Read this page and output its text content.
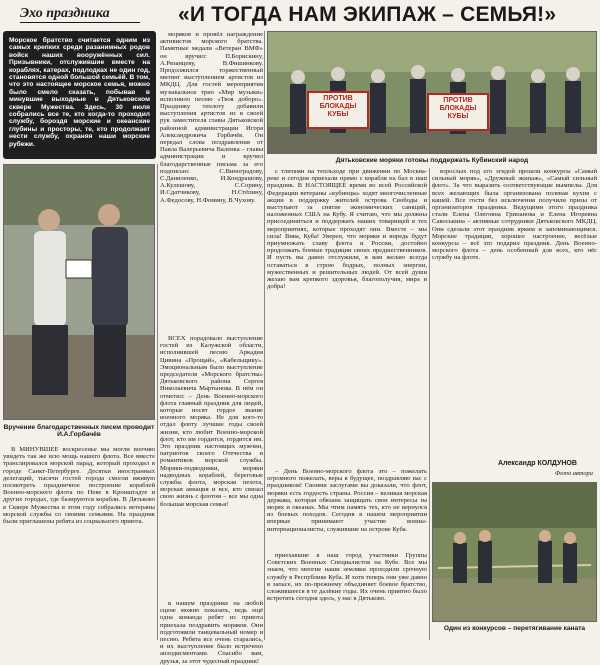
Эхо праздника	«И ТОГДА НАМ ЭКИПАЖ – СЕМЬЯ!»
Морское братство считается одним из самых крепких среди разанимных родов войск наших вооружённых сил. Призывники, отслужившие вместе на кораблях, катерах, подлодках не один год, становятся одной большой семьёй. В том, что это настоящее морское семья, можно было смело сказать, побывав в минувшие выходные в Дятьковском сквере Мужества. Здесь, 30 июля собрались все те, кто когда-то проходил службу, бороздя морские и океанские глубины и просторы, те, кто продолжает нести службу, охраняя наши морские рубежи.

моряков и провёл награждение активистов морского братства. Памятные медали «Ветеран ВМФ» он вручил: П.Борискину, А.Рязанцеву, В.Фишинкову. Продолжился торжественный митинг выступлением артистов из МКДЦ. Для гостей мероприятия музыкальное трио «Мир музыки» исполнило песню «Твоя доборо». Празднику теплоту добавили выступления артистов из в своей рук заместителя главы Дятьковской районной администрации Игоря Александровича Горбачёв. Он передал слова поздравления от Павла Валерьевича Валенка – главы администрации и вручил благодарственные письма за его подписью: С.Виноградову, С.Даниленко, И.Кондрашову, А.Кулешову, С.Сорину, И.Сдатчикову, Н.Стёпину, А.Федосову, Н.Фомину, В.Чухову.

ВСЕХ порадовало выступление гостей из Калужской области, исполнившей песню Аркадия Цивина «Прощай», «Кабельщику». Эмоциональным было выступление председателя «Морского братства» Дятьковского района Сергея Николаевича Мартынова. В нём он отметил: – День Военно-морского флота главный праздник для людей, которые носят гордое звание военного моряка. Не для кого-то отдал флоту лучшие годы своей жизни, кто любит Военно-морской флот, кто им гордится, гордится им. Это праздник настоящих мужчин, патриотов своего Отечества и романтиков морской службы. Моряки-подводники, моряки надводных кораблей, береговые службы флота, морская пехота, морская авиация и все, кто связал свою жизнь с флотом – все мы одна большая морская семья!

Вручение благодарственных писем проводит И.А.Горбачёв

В МИНУВШЕЕ воскресенье мы могли воочию увидеть так же всю мощь нашего флота. Все вместе транслировался морской парад, который проходил в городе Санкт-Петербурге. Десятки иностранных делегаций, тысячи гостей города смогли вживую посмотреть праздничное построение кораблей Военно-морского флота по Неве в Кронштадте и других городах, где базируются корабли. В Дятьково в Сквере Мужества в этом году собрались ветераны морской службы со своими семьями. На праздник были приглашены ребята из социального приюта.

ПРОТИВ БЛОКАДЫ КУБЫ
ПРОТИВ БЛОКАДЫ КУБЫ
Дятьковские моряки готовы поддержать Кубинский народ

с тлитами на тепльходе при движении по Москва-реке и сегодня приехали прямо с корабля на бал в наш праздник. В НАСТОЯЩЕЕ время во всей Российской Федерации ветераны «кубинцы» ходят многочисленные акции в поддержку жителей острова Свободы и выступают за снятие экономических санкций, наложенных США на Кубу. Я считаю, что мы должны присоединиться и поддержать наших товарищей в тех мероприятиях, которые проходят они. Вместе – мы сила! Вива, Куба! Уверен, что моряки и впредь будут приумножать славу флота и России, достойно продолжать боевые традиции своих предшественников. И пусть вы давно отслужили, я вам желаю всегда оставаться в строю бодрых, полных энергии, мужественных и решительных людей. От всей души желаю вам крепкого здоровья, благополучия, мира и добра!

взрослых под его эгидой прошли конкурсы «Самый сильный моряк», «Дружный экипаж», «Самый сильный флот». За что выразить соответствующие вымпелы. Для всех желающих была организована полевая кухня с кашей. Все гости без исключения получили призы от организаторов праздника. Ведущими этого праздника стали Елена Олеговна Грипанова и Елена Игоревна Савоськина – активные сотрудники Дятьковского МКДЦ. Они сделали этот праздник ярким и запоминающимся. Морские традиции, хорошее настроение, весёлые конкурсы – всё это подарил праздник. День Военно-морского флота – день особенный для всех, кто нёс службу на флоте.

– День Военно-морского флота это – пожелать огромного пожелать, веры в будущее, поздравляю вас с праздником! Своими заслугами вы доказали, что флот, моряки есть гордость страны. Россия – великая морская держава, которая обязана защищать свои интересы на морях и океанах. Мы чтим память тех, кто не вернулся из боевых походов. Сегодня в нашем мероприятии впервые принимают участие воины-интернационалисты, служившие на острове Куба.

Александр КОЛДУНОВ
Фото автора
Один из конкурсов – перетягивание каната

приехавшие в наш город участники Группы Советских Военных Специалистов на Кубе. Все мы знаем, что многие наши земляки проходили срочную службу в Республике Куба. И хотя теперь они уже давно в запасе, их по-прежнему объединяет боевое братство, сложившееся в те далёкие годы. Их очень приятно было встретить сегодня здесь, у нас в Дятьково.

в нашем празднике на любой сцене можно показать, ведь ещё одна команда ребят из приюта приехала поздравить моряков. Они подготовили танцевальный номер и песню. Ребята все очень старались, и их выступление было встречено аплодисментами. Спасибо вам, друзья, за этот чудесный праздник!
